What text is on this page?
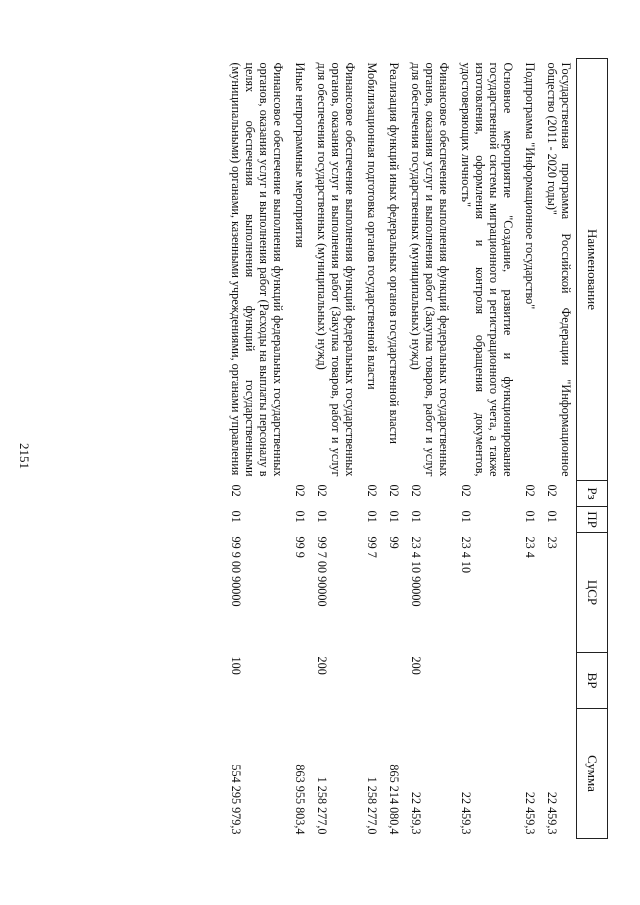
2151
Наименование	Рз	ПР	ЦСР	ВР	Сумма
Государственная программа Российской Федерации "Информационное общество (2011 - 2020 годы)"	02	01	23		22 459,3
Подпрограмма "Информационное государство"	02	01	23 4		22 459,3
Основное мероприятие "Создание, развитие и функционирование государственной системы миграционного и регистрационного учета, а также изготовления, оформления и контроля обращения документов, удостоверяющих личность"	02	01	23 4 10		22 459,3
Финансовое обеспечение выполнения функций федеральных государственных органов, оказания услуг и выполнения работ (Закупка товаров, работ и услуг для обеспечения государственных (муниципальных) нужд)	02	01	23 4 10 90000	200	22 459,3
Реализация функций иных федеральных органов государственной власти	02	01	99		865 214 080,4
Мобилизационная подготовка органов государственной власти	02	01	99 7		1 258 277,0
Финансовое обеспечение выполнения функций федеральных государственных органов, оказания услуг и выполнения работ (Закупка товаров, работ и услуг для обеспечения государственных (муниципальных) нужд)	02	01	99 7 00 90000	200	1 258 277,0
Иные непрограммные мероприятия	02	01	99 9		863 955 803,4
Финансовое обеспечение выполнения функций федеральных государственных органов, оказания услуг и выполнения работ (Расходы на выплаты персоналу в целях обеспечения выполнения функций государственными (муниципальными) органами, казенными учреждениями, органами управления	02	01	99 9 00 90000	100	554 295 979,3
